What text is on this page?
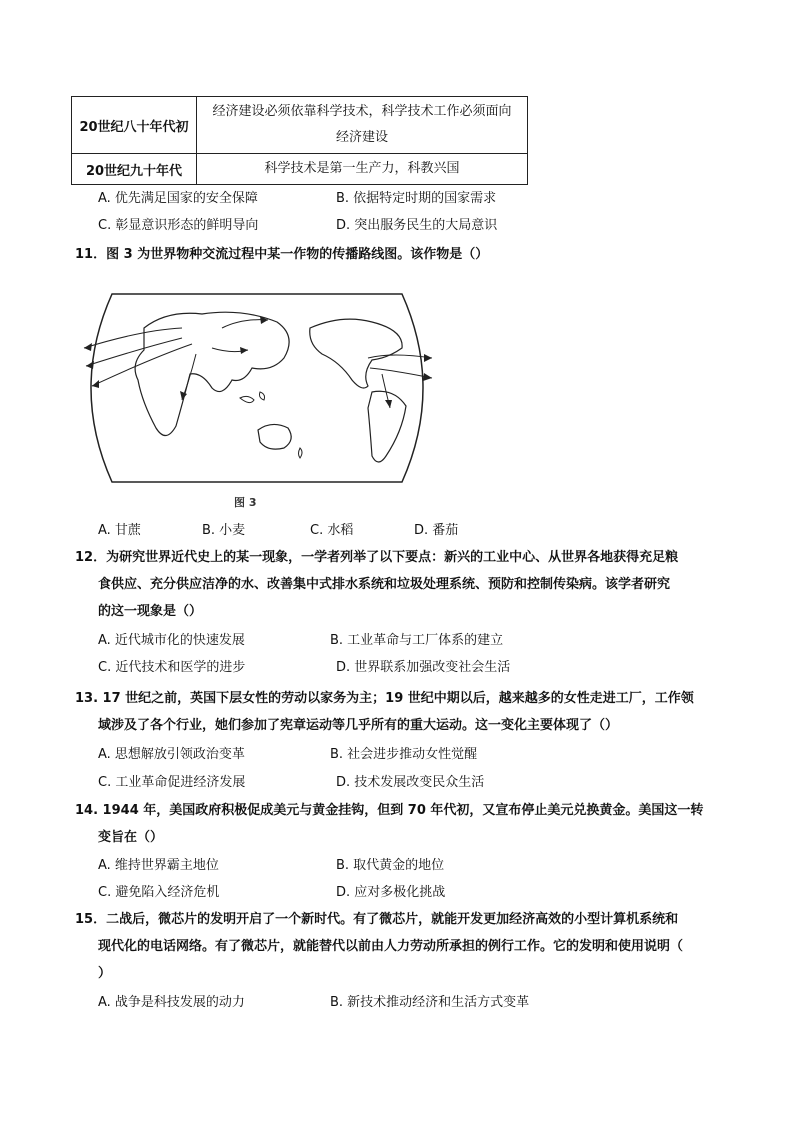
20世纪八十年代初	经济建设必须依靠科学技术，科学技术工作必须面向
经济建设

20世纪九十年代	科学技术是第一生产力，科教兴国
A. 优先满足国家的安全保障	B. 依据特定时期的国家需求
C. 彰显意识形态的鲜明导向	D. 突出服务民生的大局意识
11．图 3 为世界物种交流过程中某一作物的传播路线图。该作物是（）
图 3
A. 甘蔗	B. 小麦	C. 水稻	D. 番茄
12．为研究世界近代史上的某一现象，一学者列举了以下要点：新兴的工业中心、从世界各地获得充足粮
食供应、充分供应洁净的水、改善集中式排水系统和垃圾处理系统、预防和控制传染病。该学者研究
的这一现象是（）
A. 近代城市化的快速发展	B. 工业革命与工厂体系的建立
C. 近代技术和医学的进步	D. 世界联系加强改变社会生活
13. 17 世纪之前，英国下层女性的劳动以家务为主；19 世纪中期以后，越来越多的女性走进工厂，工作领
域涉及了各个行业，她们参加了宪章运动等几乎所有的重大运动。这一变化主要体现了（）
A. 思想解放引领政治变革	B. 社会进步推动女性觉醒
C. 工业革命促进经济发展	D. 技术发展改变民众生活
14. 1944 年，美国政府积极促成美元与黄金挂钩，但到 70 年代初，又宣布停止美元兑换黄金。美国这一转
变旨在（）
A. 维持世界霸主地位	B. 取代黄金的地位
C. 避免陷入经济危机	D. 应对多极化挑战
15．二战后，微芯片的发明开启了一个新时代。有了微芯片，就能开发更加经济高效的小型计算机系统和
现代化的电话网络。有了微芯片，就能替代以前由人力劳动所承担的例行工作。它的发明和使用说明（
）
A. 战争是科技发展的动力	B. 新技术推动经济和生活方式变革
